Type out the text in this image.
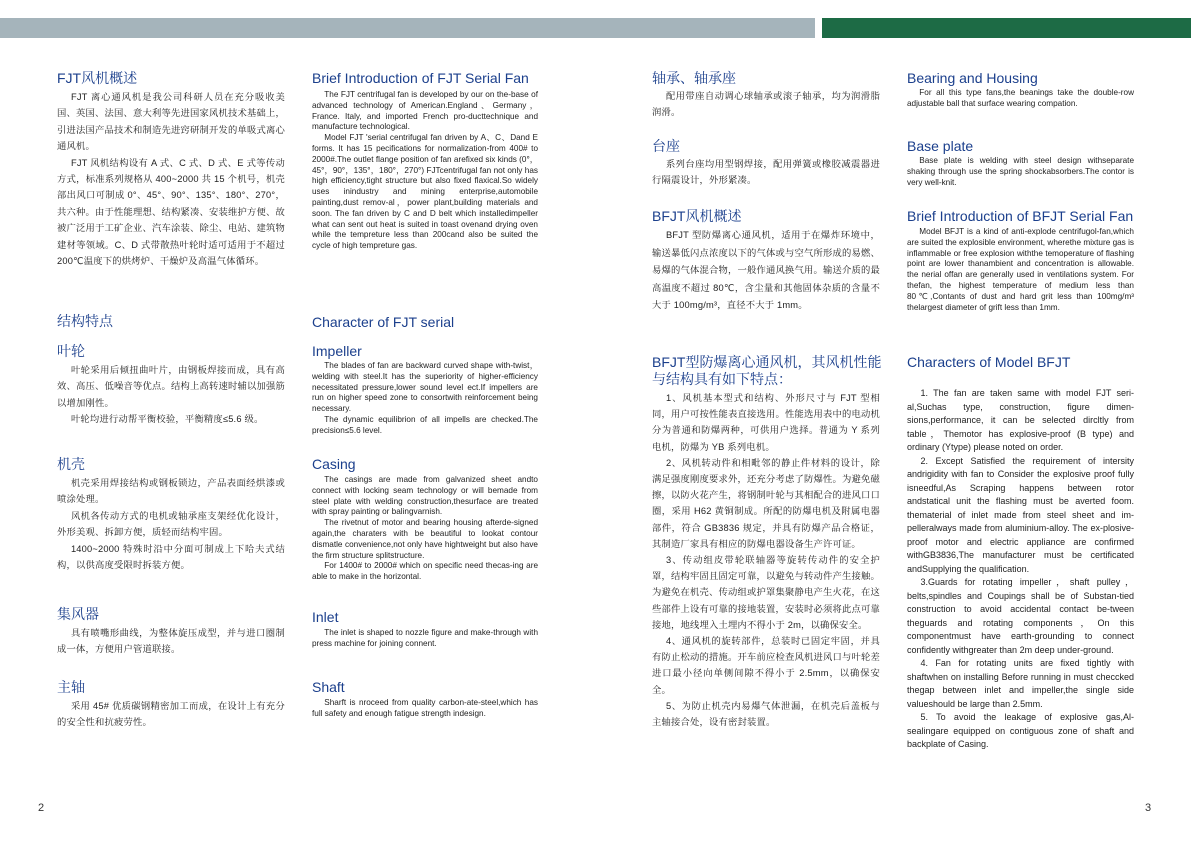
FJT风机概述

FJT 离心通风机是我公司科研人员在充分吸收美国、英国、法国、意大利等先进国家风机技术基础上，引进法国产品技术和制造先进窍研制开发的单吸式离心通风机。

FJT 风机结构设有 A 式、C 式、D 式、E 式等传动方式，标准系列规格从 400~2000 共 15 个机号，机壳部出风口可制成 0°、45°、90°、135°、180°、270°，共六种。由于性能理想、结构紧凑、安装维护方便、故被广泛用于工矿企业、汽车涂装、除尘、电站、建筑物建材等领域。C、D 式带散热叶轮时适可适用于不超过 200℃温度下的烘烤炉、干燥炉及高温气体循环。

结构特点
叶轮

叶轮采用后倾扭曲叶片，由钢板焊接而成，具有高效、高压、低噪音等优点。结构上高转速时辅以加强筋以增加刚性。

叶轮均进行动帮平衡校验，平衡精度≤5.6 级。

机壳

机壳采用焊接结构或钢板锁边，产品表面经烘漆或喷涂处理。

风机各传动方式的电机或轴承座支架经优化设计，外形美观、拆卸方便，质轻而结构牢固。

1400~2000 特殊时沿中分面可制成上下哈夫式结构，以供高度受限时拆装方便。

集风器

具有喷嘴形曲线，为整体旋压成型，并与进口圈制成一体，方便用户管道联接。

主轴

采用 45# 优质碳钢精密加工而成，在设计上有充分的安全性和抗疲劳性。

Brief Introduction of FJT Serial Fan

The FJT centrifugal fan is developed by our on the-base of advanced technology of American.England、Germany，France. Italy, and imported French pro-ducttechnique and manufacture technological.

Model FJT 'serial centrifugal fan driven by A、C、Dand E forms. It has 15 pecifications for normalization-from 400# to 2000#.The outlet flange position of fan arefixed six kinds (0°，45°，90°，135°，180°，270°) FJTcentrifugal fan not only has high efficiency,tight structure but also fixed flaxical.So widely uses inindustry and mining enterprise,automobile painting,dust remov-al，power plant,building materials and soon. The fan driven by C and D belt which installedimpeller what can sent out heat is suited in toast ovenand drying oven while the tempreture less than 200cand also be suited the cycle of high tempreture gas.

Character of FJT serial
Impeller

The blades of fan are backward curved shape with-twist，welding with steel.It has the superiority of higher-efficiency necessitated pressure,lower sound level ect.If impellers are run on higher speed zone to consortwith reinforcement being necessary.

The dynamic equilibrion of all impells are checked.The precision≤5.6 level.

Casing

The casings are made from galvanized sheet andto connect with locking seam technology or will bemade from steel plate with welding construction,thesurface are treated with spray painting or balingvarnish.

The rivetnut of motor and bearing housing afterde-signed again,the charaters with be beautiful to lookat contour dismatle convenience,not only have hightweight but also have the firm structure splitstructure.

For 1400# to 2000# which on specific need thecas-ing are able to make in the horizontal.

Inlet

The inlet is shaped to nozzle figure and make-through with press machine for joining connent.

Shaft

Sharft is nroceed from quality carbon-ate-steel,which has full safety and enough fatigue strength indesign.

轴承、轴承座

配用带座自动调心球轴承或滚子轴承，均为润滑脂润滑。

台座

系列台座均用型钢焊接，配用弹簧或橡胶减震器进行隔震设计，外形紧凑。

BFJT风机概述

BFJT 型防爆离心通风机，适用于在爆炸环境中，输送暴低闪点浓度以下的气体或与空气所形成的易燃、易爆的气体混合物，一般作通风换气用。输送介质的最高温度不超过 80℃，含尘量和其他固体杂质的含量不大于 100mg/m³，直径不大于 1mm。

BFJT型防爆离心通风机，其风机性能
与结构具有如下特点：

1、风机基本型式和结构、外形尺寸与 FJT 型相同，用户可按性能表直接选用。性能选用表中的电动机分为普通和防爆两种，可供用户选择。普通为 Y 系列电机，防爆为 YB 系列电机。

2、风机转动件和相毗邻的静止件材料的设计，除满足强度刚度要求外，还充分考虑了防爆性。为避免磁擦，以防火花产生，将钢制叶轮与其相配合的进风口口圈，采用 H62 黄铜制成。所配的防爆电机及附属电器部件，符合 GB3836 规定，并具有防爆产品合格证，其制造厂家具有相应的防爆电器设备生产许可证。

3、传动组皮带轮联轴器等旋转传动件的安全护罩，结构牢固且固定可靠，以避免与转动件产生接触。为避免在机壳、传动组或护罩集聚静电产生火花，在这些部件上设有可靠的接地装置，安装时必须将此点可靠接地，地线埋入土埋内不得小于 2m，以确保安全。

4、通风机的旋转部件，总装时已固定牢固，并具有防止松动的措施。开车前应检查风机进风口与叶轮差进口最小径向单侧间隙不得小于 2.5mm，以确保安全。

5、为防止机壳内易爆气体泄漏，在机壳后盖板与主轴接合处，设有密封装置。

Bearing and Housing

For all this type fans,the beanings take the double-row adjustable ball that surface wearing compation.

Base plate

Base plate is welding with steel design withseparate shaking through use the spring shockabsorbers.The contor is very well-knit.

Brief Introduction of BFJT Serial Fan

Model BFJT is a kind of anti-explode centrifugol-fan,which are suited the explosible environment, wherethe mixture gas is inflammable or free explosion withthe temoperature of flashing point are lower thanambient and concentration is allowable. the nerial offan are generally used in ventilations system. For thefan, the highest temperature of medium less than 80℃,Contants of dust and hard grit less than 100mg/m³ thelargest diameter of grift less than 1mm.

Characters of Model BFJT

1. The fan are taken same with model FJT seri-al,Suchas type, construction, figure dimen-sions,performance, it can be selected dircltly from table，Themotor has explosive-proof (B type) and ordinary (Ytype) please noted on order.

2. Except Satisfied the requirement of intersity andrigidity with fan to Consider the explosive proof fully isneedful,As Scraping happens between rotor andstatical unit the flashing must be averted foom. thematerial of inlet made from steel sheet and im-pelleralways made from aluminium-alloy. The ex-plosive-proof motor and electric appliance are confirmed withGB3836,The manufacturer must be certificated andSupplying the qualification.

3.Guards for rotating impeller，shaft pulley，belts,spindles and Coupings shall be of Substan-tied construction to avoid accidental contact be-tween theguards and rotating components，On this componentmust have earth-grounding to connect confidently withgreater than 2m deep under-ground.

4. Fan for rotating units are fixed tightly with shaftwhen on installing Before running in must checcked thegap between inlet and impeller,the single side valueshould be large than 2.5mm.

5. To avoid the leakage of explosive gas,Al-sealingare equipped on contiguous zone of shaft and backplate of Casing.

2	3
